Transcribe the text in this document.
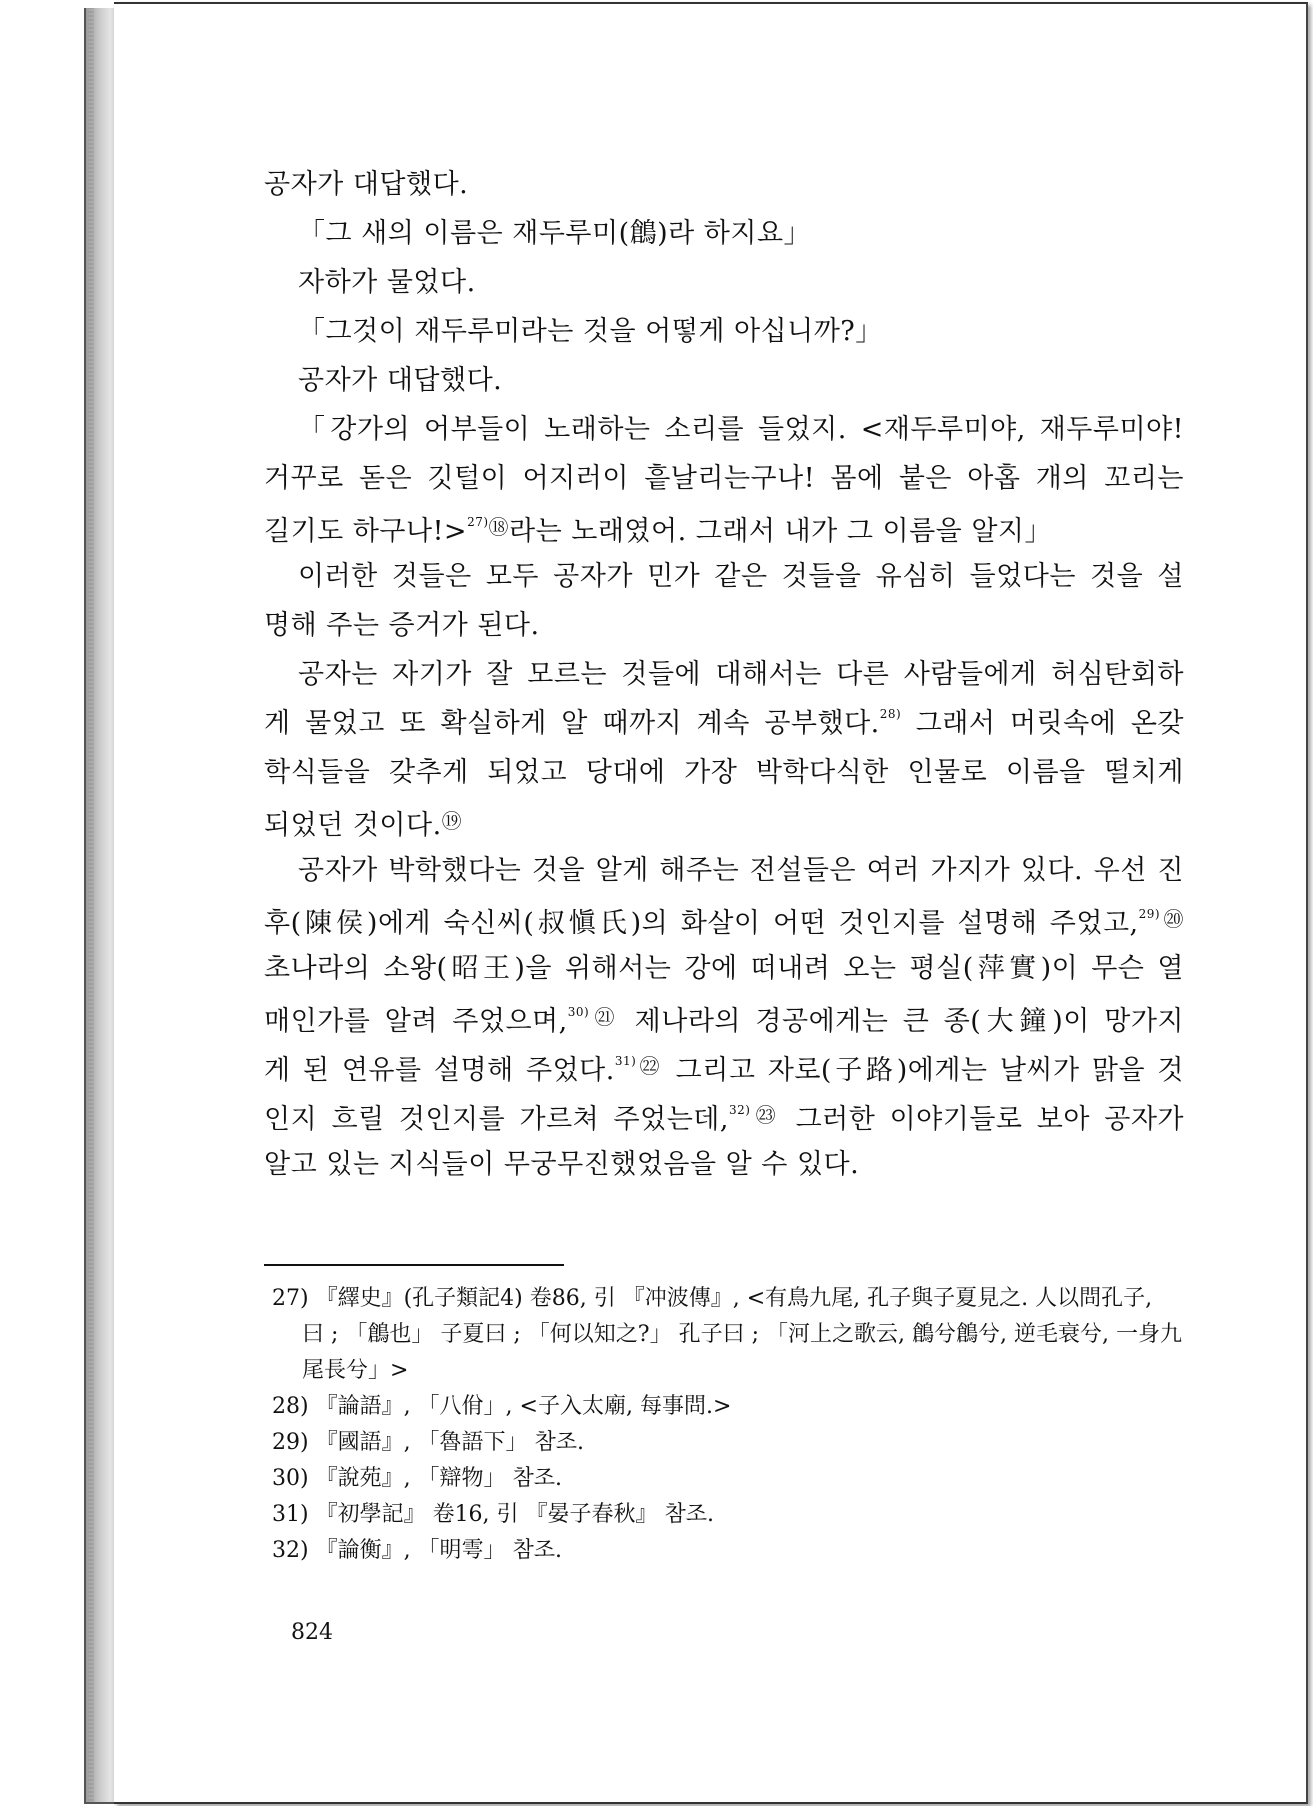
공자가 대답했다.
「그 새의 이름은 재두루미(鶬)라 하지요」
자하가 물었다.
「그것이 재두루미라는 것을 어떻게 아십니까?」
공자가 대답했다.
「강가의 어부들이 노래하는 소리를 들었지. <재두루미야, 재두루미야!
거꾸로 돋은 깃털이 어지러이 흩날리는구나! 몸에 붙은 아홉 개의 꼬리는
길기도 하구나!>$^{27)⑱}$라는 노래였어. 그래서 내가 그 이름을 알지」
이러한 것들은 모두 공자가 민가 같은 것들을 유심히 들었다는 것을 설
명해 주는 증거가 된다.
공자는 자기가 잘 모르는 것들에 대해서는 다른 사람들에게 허심탄회하
게 물었고 또 확실하게 알 때까지 계속 공부했다.$^{28)}$ 그래서 머릿속에 온갖
학식들을 갖추게 되었고 당대에 가장 박학다식한 인물로 이름을 떨치게
되었던 것이다.⑲
공자가 박학했다는 것을 알게 해주는 전설들은 여러 가지가 있다. 우선 진
후(陳侯)에게 숙신씨(叔愼氏)의 화살이 어떤 것인지를 설명해 주었고,$^{29)⑳}$
초나라의 소왕(昭王)을 위해서는 강에 떠내려 오는 평실(萍實)이 무슨 열
매인가를 알려 주었으며,$^{30)㉑}$ 제나라의 경공에게는 큰 종(大鐘)이 망가지
게 된 연유를 설명해 주었다.$^{31)㉒}$ 그리고 자로(子路)에게는 날씨가 맑을 것
인지 흐릴 것인지를 가르쳐 주었는데,$^{32)㉓}$ 그러한 이야기들로 보아 공자가
알고 있는 지식들이 무궁무진했었음을 알 수 있다.
27) 『繹史』(孔子類記4) 卷86, 引 『冲波傳』, <有鳥九尾, 孔子與子夏見之. 人以問孔子,
曰 ; 「鶬也」 子夏曰 ; 「何以知之?」 孔子曰 ; 「河上之歌云, 鶬兮鶬兮, 逆毛衰兮, 一身九
尾長兮」>
28) 『論語』, 「八佾」, <子入太廟, 每事問.>
29) 『國語』, 「魯語下」 참조.
30) 『說苑』, 「辯物」 참조.
31) 『初學記』 卷16, 引 『晏子春秋』 참조.
32) 『論衡』, 「明雩」 참조.
824
